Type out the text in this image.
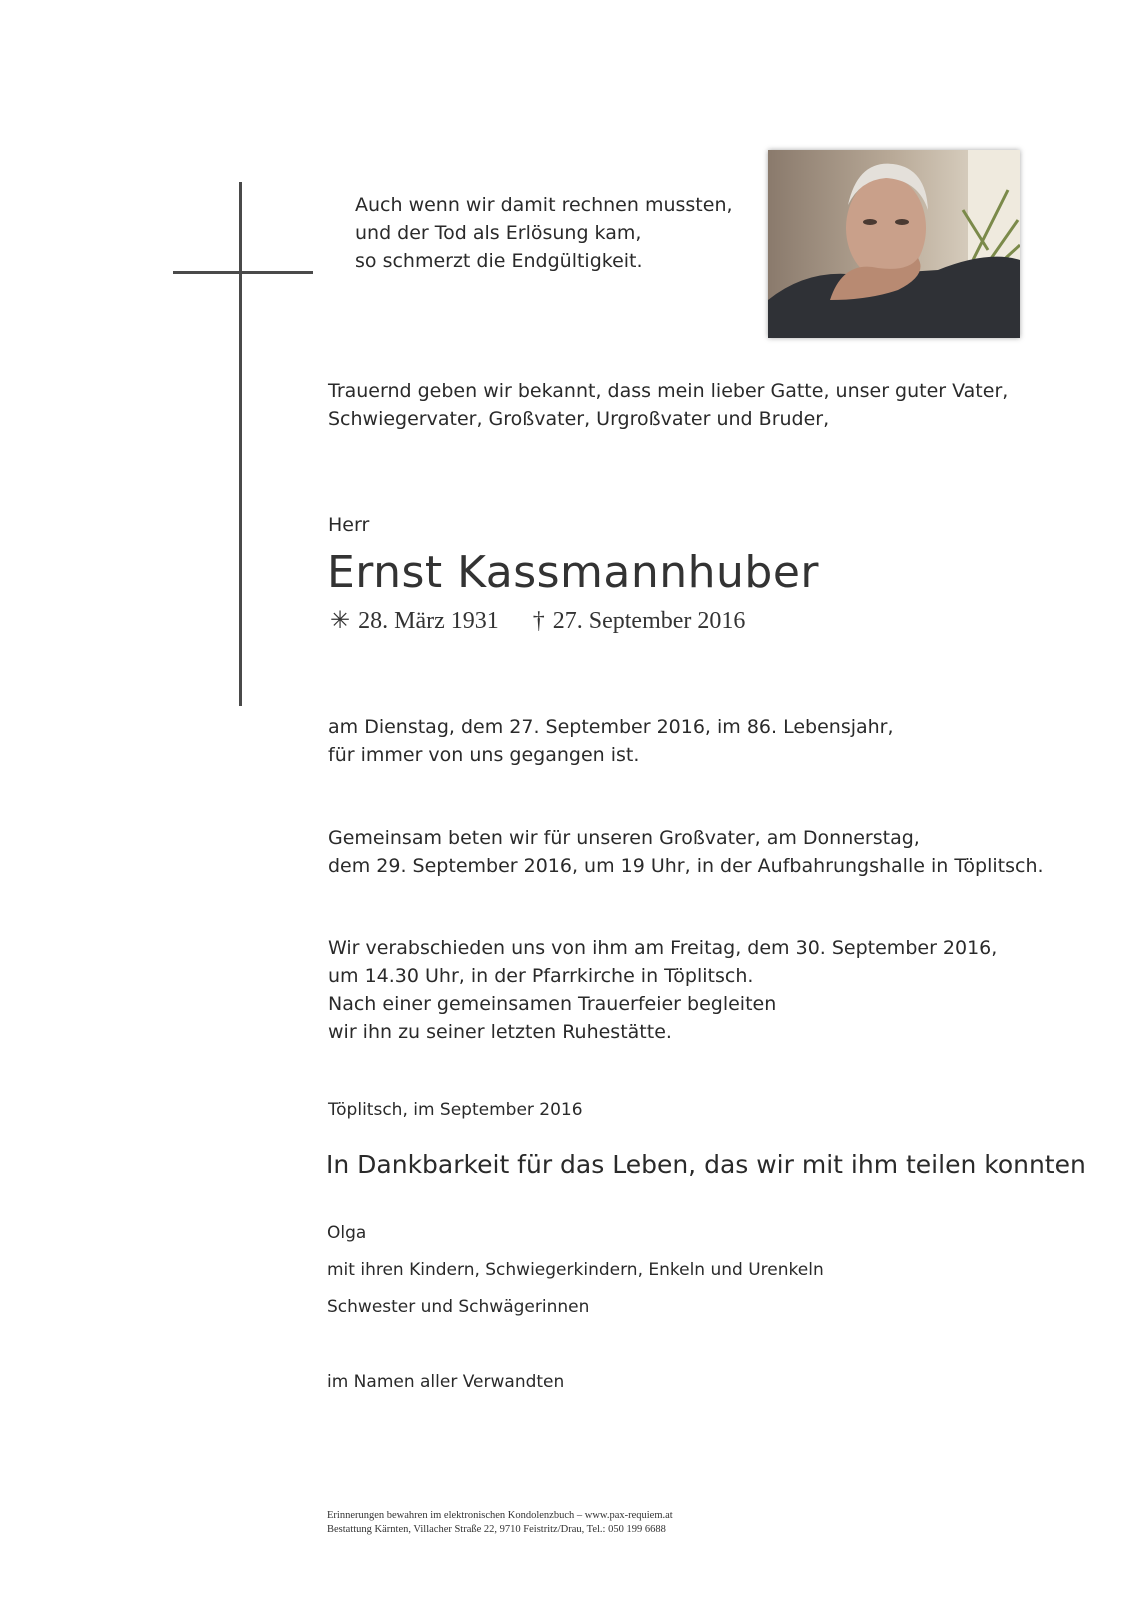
Auch wenn wir damit rechnen mussten,
und der Tod als Erlösung kam,
so schmerzt die Endgültigkeit.
Trauernd geben wir bekannt, dass mein lieber Gatte, unser guter Vater,
Schwiegervater, Großvater, Urgroßvater und Bruder,
Herr
Ernst Kassmannhuber
✳ 28. März 1931 † 27. September 2016
am Dienstag, dem 27. September 2016, im 86. Lebensjahr,
für immer von uns gegangen ist.
Gemeinsam beten wir für unseren Großvater, am Donnerstag,
dem 29. September 2016, um 19 Uhr, in der Aufbahrungshalle in Töplitsch.
Wir verabschieden uns von ihm am Freitag, dem 30. September 2016,
um 14.30 Uhr, in der Pfarrkirche in Töplitsch.
Nach einer gemeinsamen Trauerfeier begleiten
wir ihn zu seiner letzten Ruhestätte.
Töplitsch, im September 2016
In Dankbarkeit für das Leben, das wir mit ihm teilen konnten
Olga
mit ihren Kindern, Schwiegerkindern, Enkeln und Urenkeln
Schwester und Schwägerinnen
im Namen aller Verwandten
Erinnerungen bewahren im elektronischen Kondolenzbuch – www.pax-requiem.at
Bestattung Kärnten, Villacher Straße 22, 9710 Feistritz/Drau, Tel.: 050 199 6688
